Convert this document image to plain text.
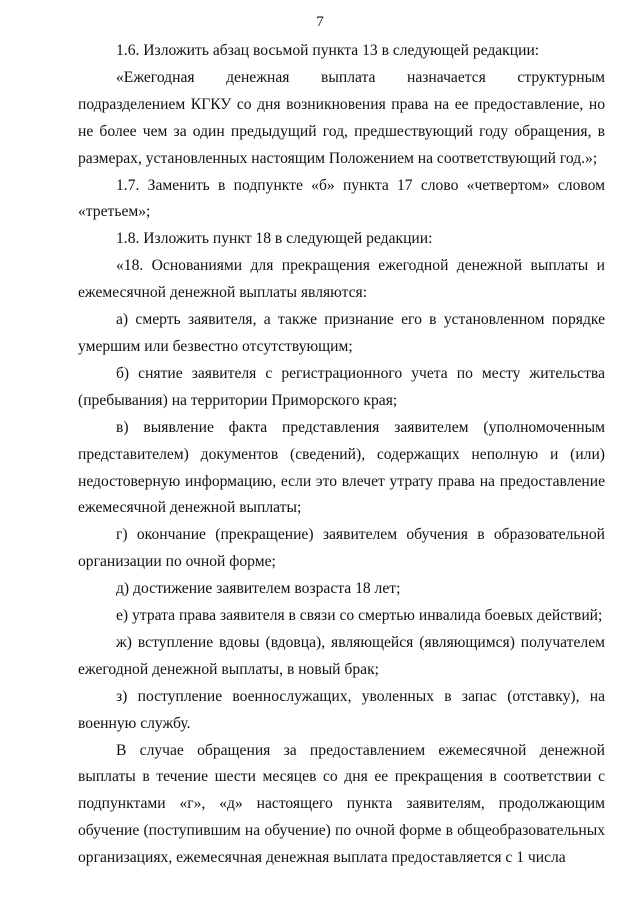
7

1.6. Изложить абзац восьмой пункта 13 в следующей редакции:

«Ежегодная денежная выплата назначается структурным подразделением КГКУ со дня возникновения права на ее предоставление, но не более чем за один предыдущий год, предшествующий году обращения, в размерах, установленных настоящим Положением на соответствующий год.»;

1.7. Заменить в подпункте «б» пункта 17 слово «четвертом» словом «третьем»;

1.8. Изложить пункт 18 в следующей редакции:

«18. Основаниями для прекращения ежегодной денежной выплаты и ежемесячной денежной выплаты являются:

а) смерть заявителя, а также признание его в установленном порядке умершим или безвестно отсутствующим;

б) снятие заявителя с регистрационного учета по месту жительства (пребывания) на территории Приморского края;

в) выявление факта представления заявителем (уполномоченным представителем) документов (сведений), содержащих неполную и (или) недостоверную информацию, если это влечет утрату права на предоставление ежемесячной денежной выплаты;

г) окончание (прекращение) заявителем обучения в образовательной организации по очной форме;

д) достижение заявителем возраста 18 лет;

е) утрата права заявителя в связи со смертью инвалида боевых действий;

ж) вступление вдовы (вдовца), являющейся (являющимся) получателем ежегодной денежной выплаты, в новый брак;

з) поступление военнослужащих, уволенных в запас (отставку), на военную службу.

В случае обращения за предоставлением ежемесячной денежной выплаты в течение шести месяцев со дня ее прекращения в соответствии с подпунктами «г», «д» настоящего пункта заявителям, продолжающим обучение (поступившим на обучение) по очной форме в общеобразовательных организациях, ежемесячная денежная выплата предоставляется с 1 числа
